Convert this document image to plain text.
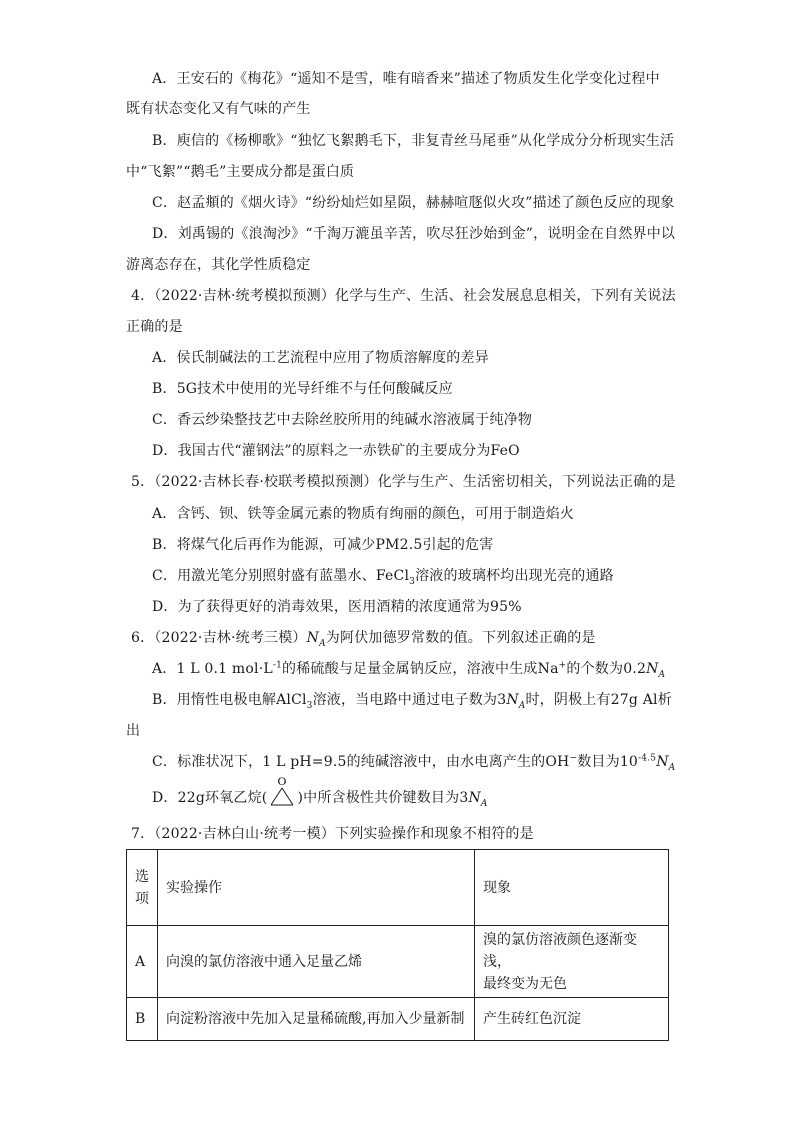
A．王安石的《梅花》“遥知不是雪，唯有暗香来”描述了物质发生化学变化过程中
既有状态变化又有气味的产生
B．庾信的《杨柳歌》“独忆飞絮鹅毛下，非复青丝马尾垂”从化学成分分析现实生活
中“飞絮”“鹅毛”主要成分都是蛋白质
C．赵孟頫的《烟火诗》“纷纷灿烂如星陨，赫赫喧豗似火攻”描述了颜色反应的现象
D．刘禹锡的《浪淘沙》“千淘万漉虽辛苦，吹尽狂沙始到金”，说明金在自然界中以
游离态存在，其化学性质稳定
4．（2022·吉林·统考模拟预测）化学与生产、生活、社会发展息息相关，下列有关说法
正确的是
A．侯氏制碱法的工艺流程中应用了物质溶解度的差异
B．5G技术中使用的光导纤维不与任何酸碱反应
C．香云纱染整技艺中去除丝胶所用的纯碱水溶液属于纯净物
D．我国古代“灌钢法”的原料之一赤铁矿的主要成分为FeO
5．（2022·吉林长春·校联考模拟预测）化学与生产、生活密切相关，下列说法正确的是
A．含钙、钡、铁等金属元素的物质有绚丽的颜色，可用于制造焰火
B．将煤气化后再作为能源，可减少PM2.5引起的危害
C．用激光笔分别照射盛有蓝墨水、FeCl$_3$溶液的玻璃杯均出现光亮的通路
D．为了获得更好的消毒效果，医用酒精的浓度通常为95%
6．（2022·吉林·统考三模）$N_A$为阿伏加德罗常数的值。下列叙述正确的是
A．1 L 0.1 $mol\cdot L^{-1}$的稀硫酸与足量金属钠反应，溶液中生成Na+的个数为$0.2N_A$
B．用惰性电极电解AlCl$_3$溶液，当电路中通过电子数为$3N_A$时，阴极上有27g Al析
出
C．标准状况下，1 L pH=9.5的纯碱溶液中，由水电离产生的OH−数目为$10^{-4.5}N_A$
D．22g环氧乙烷(
O
)中所含极性共价键数目为$3N_A$
7．（2022·吉林白山·统考一模）下列实验操作和现象不相符的是
选
项	实验操作	现象
A	向溴的氯仿溶液中通入足量乙烯	溴的氯仿溶液颜色逐渐变浅，
最终变为无色

B	向淀粉溶液中先加入足量稀硫酸,再加入少量新制	产生砖红色沉淀
